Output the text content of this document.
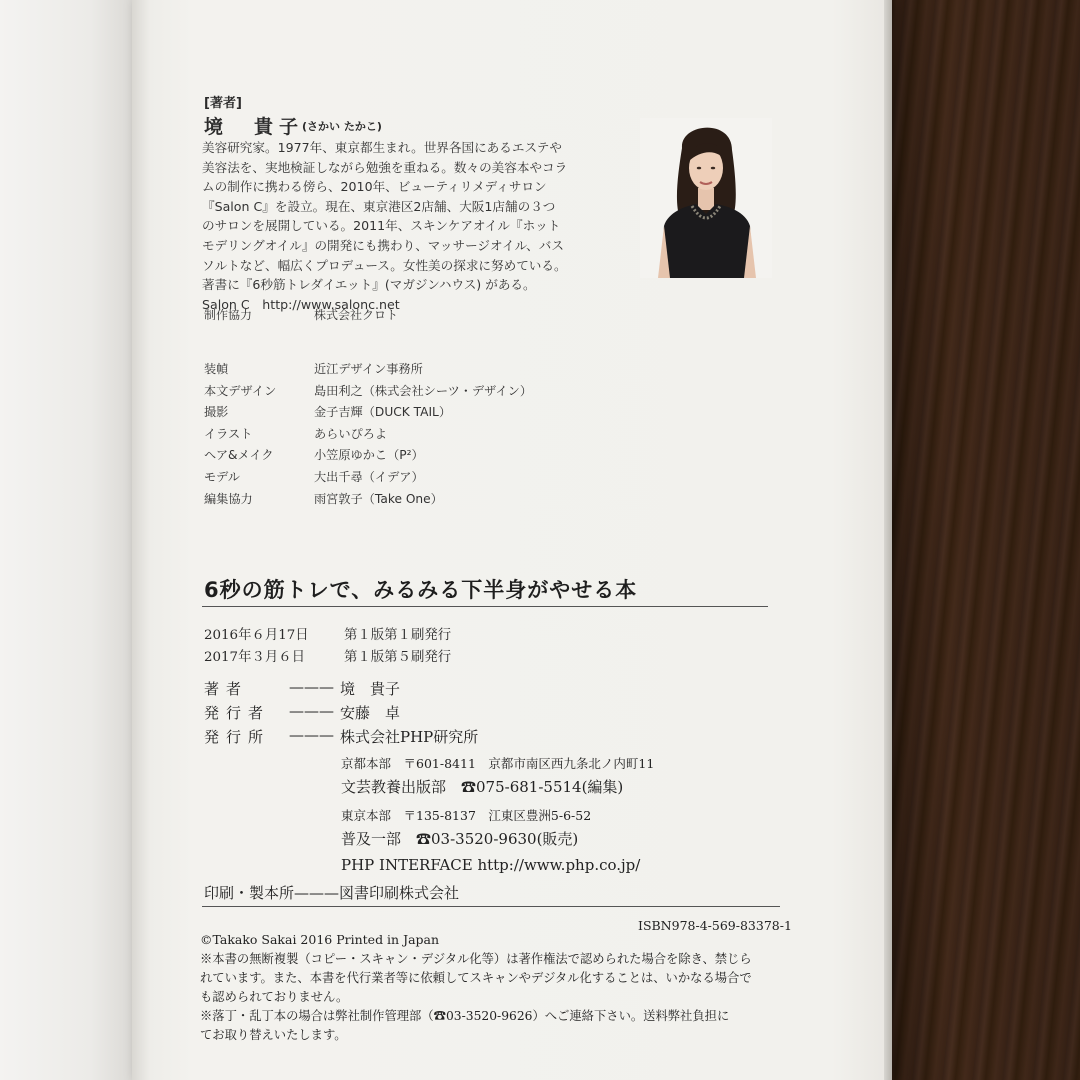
[著者]
境　貴子
(さかい たかこ)
美容研究家。1977年、東京都生まれ。世界各国にあるエステや
美容法を、実地検証しながら勉強を重ねる。数々の美容本やコラ
ムの制作に携わる傍ら、2010年、ビューティリメディサロン
『Salon C』を設立。現在、東京港区2店舗、大阪1店舗の３つ
のサロンを展開している。2011年、スキンケアオイル『ホット
モデリングオイル』の開発にも携わり、マッサージオイル、バス
ソルトなど、幅広くプロデュース。女性美の探求に努めている。
著書に『6秒筋トレダイエット』(マガジンハウス) がある。
Salon C　http://www.salonc.net
制作協力	株式会社クロト
装幀	近江デザイン事務所
本文デザイン	島田利之（株式会社シーツ・デザイン）
撮影	金子吉輝（DUCK TAIL）
イラスト	あらいぴろよ
ヘア&メイク	小笠原ゆかこ（P²）
モデル	大出千尋（イデア）
編集協力	雨宮敦子（Take One）
6秒の筋トレで、みるみる下半身がやせる本
2016年６月17日	第１版第１刷発行
2017年３月６日	第１版第５刷発行
著者	——— 境　貴子
発行者 ——— 安藤　卓
発行所 ——— 株式会社PHP研究所
京都本部　〒601-8411　京都市南区西九条北ノ内町11
文芸教養出版部　☎075-681-5514(編集)
東京本部　〒135-8137　江東区豊洲5-6-52
普及一部　☎03-3520-9630(販売)
PHP INTERFACE http://www.php.co.jp/
印刷・製本所———図書印刷株式会社
ISBN978-4-569-83378-1
©Takako Sakai 2016 Printed in Japan
※本書の無断複製（コピー・スキャン・デジタル化等）は著作権法で認められた場合を除き、禁じら
れています。また、本書を代行業者等に依頼してスキャンやデジタル化することは、いかなる場合で
も認められておりません。
※落丁・乱丁本の場合は弊社制作管理部（☎03-3520-9626）へご連絡下さい。送料弊社負担に
てお取り替えいたします。
